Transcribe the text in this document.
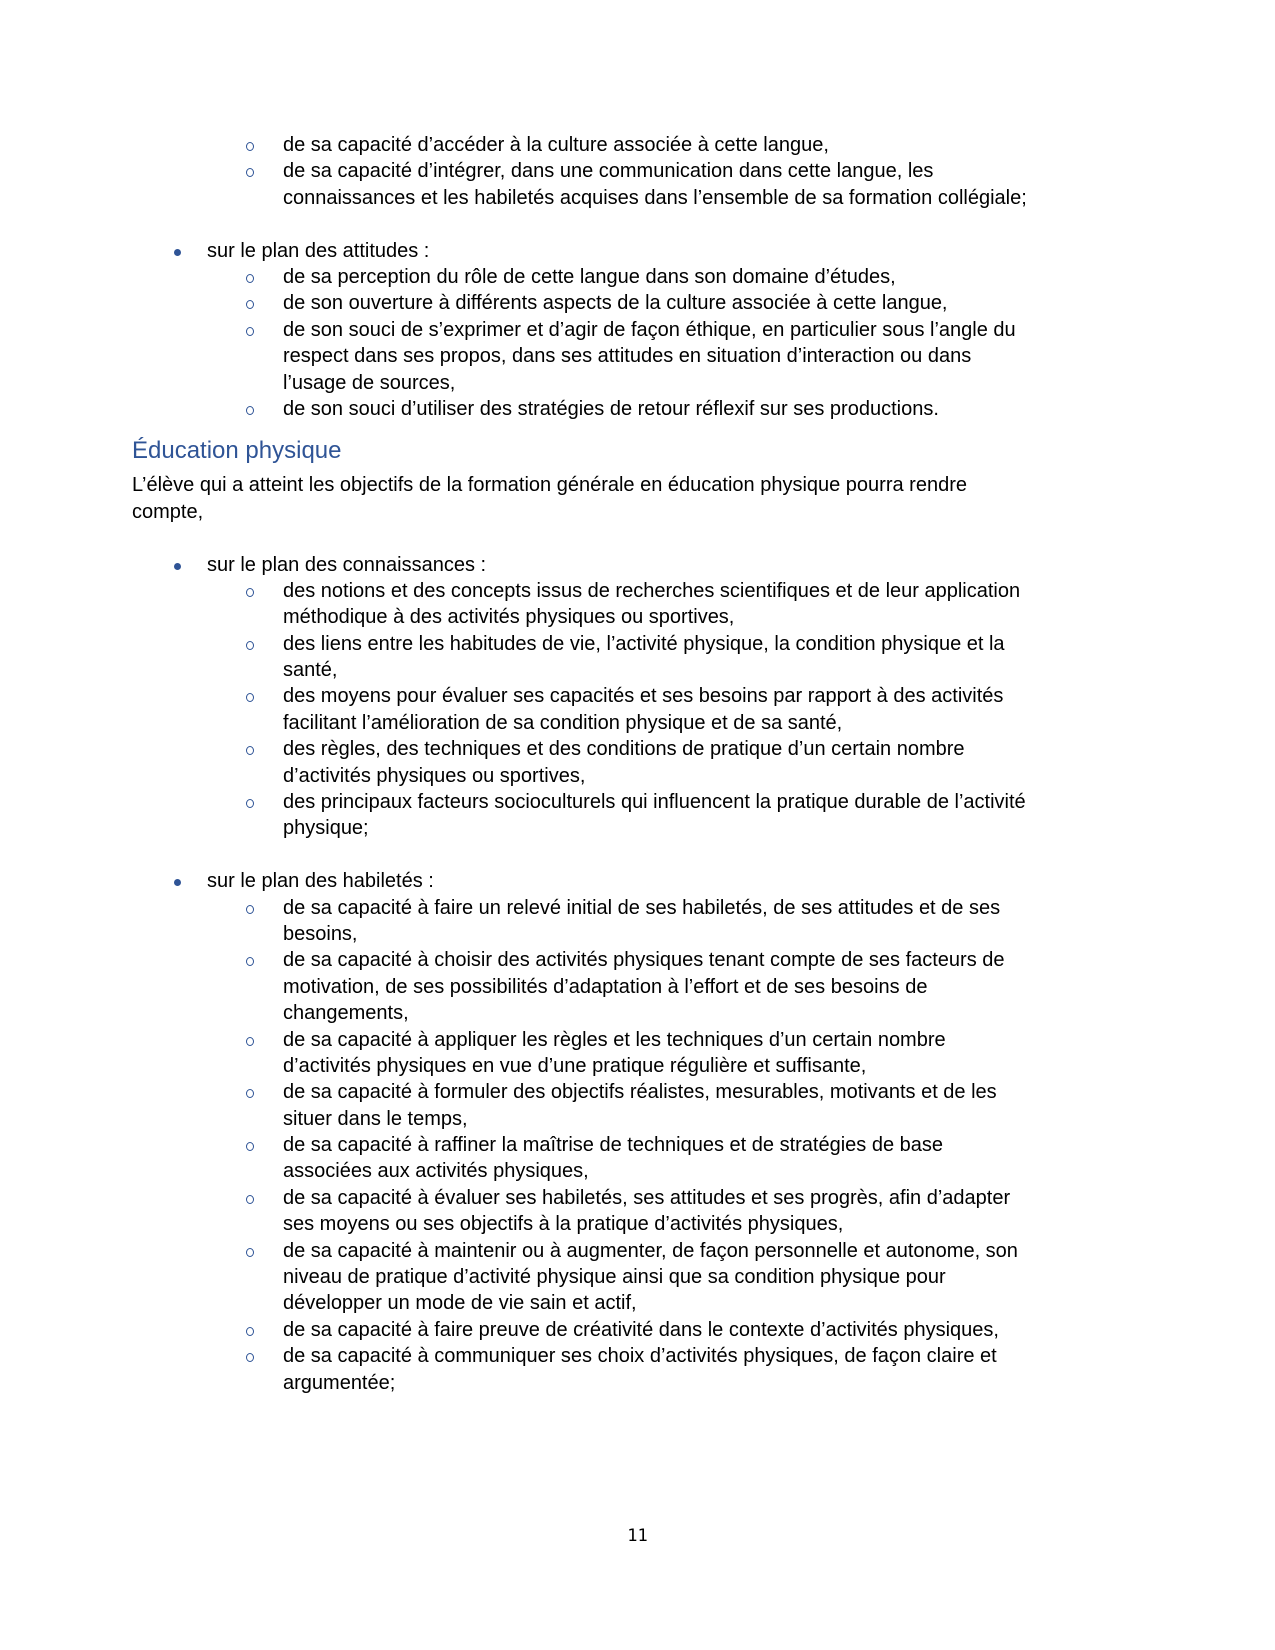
de sa capacité d’accéder à la culture associée à cette langue,
de sa capacité d’intégrer, dans une communication dans cette langue, les
connaissances et les habiletés acquises dans l’ensemble de sa formation collégiale;
sur le plan des attitudes :
de sa perception du rôle de cette langue dans son domaine d’études,
de son ouverture à différents aspects de la culture associée à cette langue,
de son souci de s’exprimer et d’agir de façon éthique, en particulier sous l’angle du
respect dans ses propos, dans ses attitudes en situation d’interaction ou dans
l’usage de sources,
de son souci d’utiliser des stratégies de retour réflexif sur ses productions.
Éducation physique
L’élève qui a atteint les objectifs de la formation générale en éducation physique pourra rendre
compte,
sur le plan des connaissances :
des notions et des concepts issus de recherches scientifiques et de leur application
méthodique à des activités physiques ou sportives,
des liens entre les habitudes de vie, l’activité physique, la condition physique et la
santé,
des moyens pour évaluer ses capacités et ses besoins par rapport à des activités
facilitant l’amélioration de sa condition physique et de sa santé,
des règles, des techniques et des conditions de pratique d’un certain nombre
d’activités physiques ou sportives,
des principaux facteurs socioculturels qui influencent la pratique durable de l’activité
physique;
sur le plan des habiletés :
de sa capacité à faire un relevé initial de ses habiletés, de ses attitudes et de ses
besoins,
de sa capacité à choisir des activités physiques tenant compte de ses facteurs de
motivation, de ses possibilités d’adaptation à l’effort et de ses besoins de
changements,
de sa capacité à appliquer les règles et les techniques d’un certain nombre
d’activités physiques en vue d’une pratique régulière et suffisante,
de sa capacité à formuler des objectifs réalistes, mesurables, motivants et de les
situer dans le temps,
de sa capacité à raffiner la maîtrise de techniques et de stratégies de base
associées aux activités physiques,
de sa capacité à évaluer ses habiletés, ses attitudes et ses progrès, afin d’adapter
ses moyens ou ses objectifs à la pratique d’activités physiques,
de sa capacité à maintenir ou à augmenter, de façon personnelle et autonome, son
niveau de pratique d’activité physique ainsi que sa condition physique pour
développer un mode de vie sain et actif,
de sa capacité à faire preuve de créativité dans le contexte d’activités physiques,
de sa capacité à communiquer ses choix d’activités physiques, de façon claire et
argumentée;
11
